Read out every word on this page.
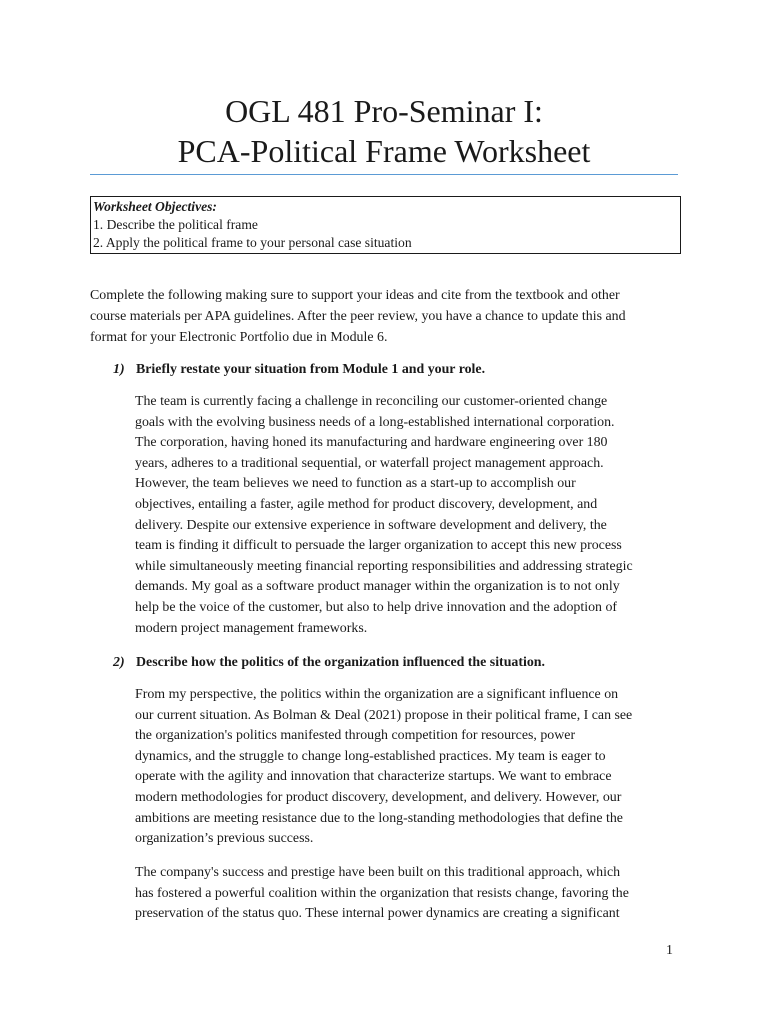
OGL 481 Pro-Seminar I:
PCA-Political Frame Worksheet
Worksheet Objectives:
1. Describe the political frame
2. Apply the political frame to your personal case situation
Complete the following making sure to support your ideas and cite from the textbook and other
course materials per APA guidelines. After the peer review, you have a chance to update this and
format for your Electronic Portfolio due in Module 6.
1) Briefly restate your situation from Module 1 and your role.
The team is currently facing a challenge in reconciling our customer-oriented change
goals with the evolving business needs of a long-established international corporation.
The corporation, having honed its manufacturing and hardware engineering over 180
years, adheres to a traditional sequential, or waterfall project management approach.
However, the team believes we need to function as a start-up to accomplish our
objectives, entailing a faster, agile method for product discovery, development, and
delivery. Despite our extensive experience in software development and delivery, the
team is finding it difficult to persuade the larger organization to accept this new process
while simultaneously meeting financial reporting responsibilities and addressing strategic
demands. My goal as a software product manager within the organization is to not only
help be the voice of the customer, but also to help drive innovation and the adoption of
modern project management frameworks.
2) Describe how the politics of the organization influenced the situation.
From my perspective, the politics within the organization are a significant influence on
our current situation. As Bolman & Deal (2021) propose in their political frame, I can see
the organization's politics manifested through competition for resources, power
dynamics, and the struggle to change long-established practices. My team is eager to
operate with the agility and innovation that characterize startups. We want to embrace
modern methodologies for product discovery, development, and delivery. However, our
ambitions are meeting resistance due to the long-standing methodologies that define the
organization’s previous success.
The company's success and prestige have been built on this traditional approach, which
has fostered a powerful coalition within the organization that resists change, favoring the
preservation of the status quo. These internal power dynamics are creating a significant
1
